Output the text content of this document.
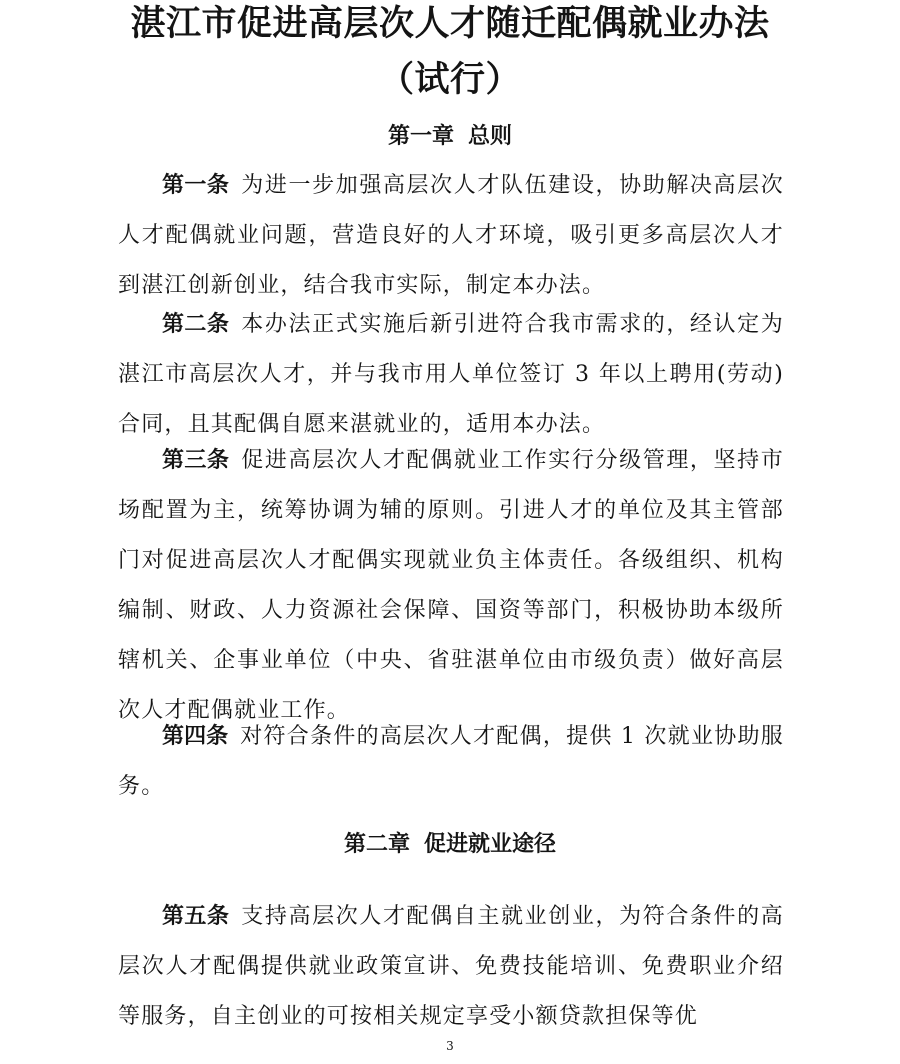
湛江市促进高层次人才随迁配偶就业办法
（试行）
第一章 总则

第一条 为进一步加强高层次人才队伍建设，协助解决高层次人才配偶就业问题，营造良好的人才环境，吸引更多高层次人才到湛江创新创业，结合我市实际，制定本办法。

第二条 本办法正式实施后新引进符合我市需求的，经认定为湛江市高层次人才，并与我市用人单位签订 3 年以上聘用(劳动)合同，且其配偶自愿来湛就业的，适用本办法。

第三条 促进高层次人才配偶就业工作实行分级管理，坚持市场配置为主，统筹协调为辅的原则。引进人才的单位及其主管部门对促进高层次人才配偶实现就业负主体责任。各级组织、机构编制、财政、人力资源社会保障、国资等部门，积极协助本级所辖机关、企事业单位（中央、省驻湛单位由市级负责）做好高层次人才配偶就业工作。

第四条 对符合条件的高层次人才配偶，提供 1 次就业协助服务。

第二章 促进就业途径

第五条 支持高层次人才配偶自主就业创业，为符合条件的高层次人才配偶提供就业政策宣讲、免费技能培训、免费职业介绍等服务，自主创业的可按相关规定享受小额贷款担保等优

3
